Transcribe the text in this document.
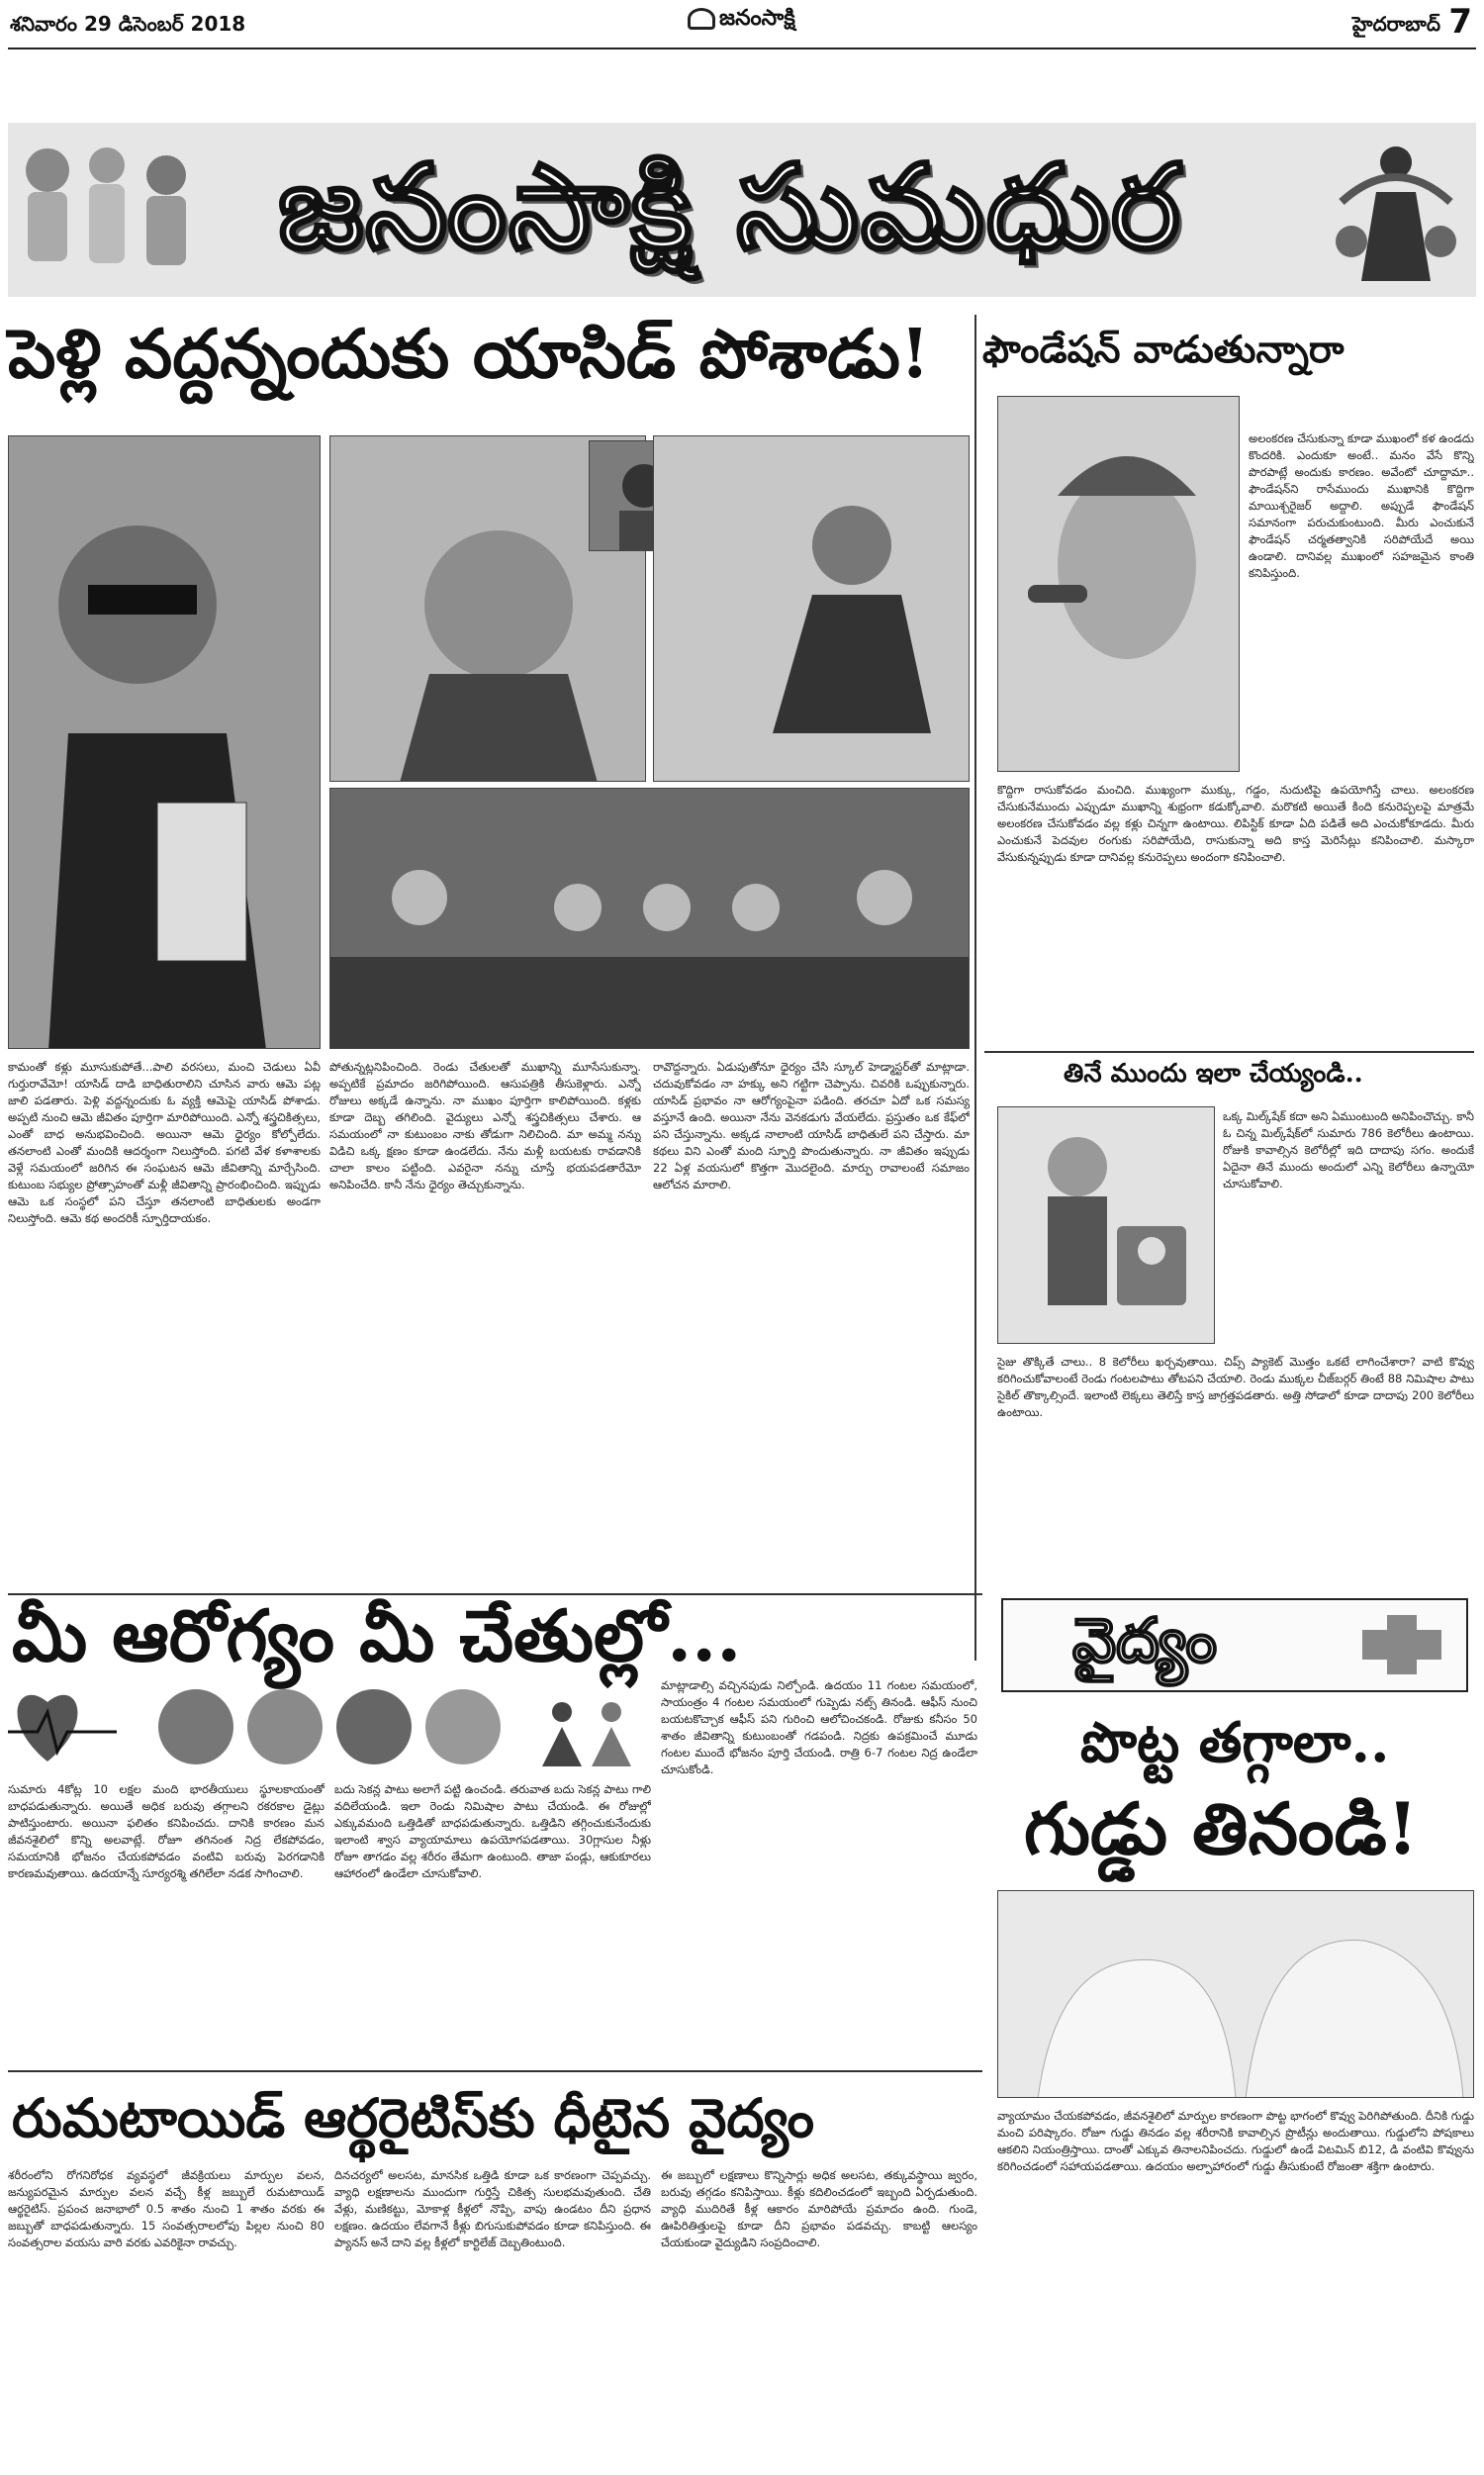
శనివారం 29 డిసెంబర్ 2018	జనంసాక్షి	హైదరాబాద్ 7
జనంసాక్షి సుమధుర
పెళ్లి వద్దన్నందుకు యాసిడ్ పోశాడు!
కామంతో కళ్లు మూసుకుపోతే...పాలి వరసలు, మంచి చెడులు ఏవీ గుర్తురావేమో! యాసిడ్ దాడి బాధితురాలిని చూసిన వారు ఆమె పట్ల జాలి పడతారు. పెళ్లి వద్దన్నందుకు ఓ వ్యక్తి ఆమెపై యాసిడ్ పోశాడు. అప్పటి నుంచి ఆమె జీవితం పూర్తిగా మారిపోయింది. ఎన్నో శస్త్రచికిత్సలు, ఎంతో బాధ అనుభవించింది. అయినా ఆమె ధైర్యం కోల్పోలేదు. తనలాంటి ఎంతో మందికి ఆదర్శంగా నిలుస్తోంది. పగటి వేళ కళాశాలకు వెళ్లే సమయంలో జరిగిన ఈ సంఘటన ఆమె జీవితాన్ని మార్చేసింది. కుటుంబ సభ్యుల ప్రోత్సాహంతో మళ్లీ జీవితాన్ని ప్రారంభించింది. ఇప్పుడు ఆమె ఒక సంస్థలో పని చేస్తూ తనలాంటి బాధితులకు అండగా నిలుస్తోంది. ఆమె కథ అందరికీ స్ఫూర్తిదాయకం.
పోతున్నట్లనిపించింది. రెండు చేతులతో ముఖాన్ని మూసేసుకున్నా. అప్పటికే ప్రమాదం జరిగిపోయింది. ఆసుపత్రికి తీసుకెళ్లారు. ఎన్నో రోజులు అక్కడే ఉన్నాను. నా ముఖం పూర్తిగా కాలిపోయింది. కళ్లకు కూడా దెబ్బ తగిలింది. వైద్యులు ఎన్నో శస్త్రచికిత్సలు చేశారు. ఆ సమయంలో నా కుటుంబం నాకు తోడుగా నిలిచింది. మా అమ్మ నన్ను విడిచి ఒక్క క్షణం కూడా ఉండలేదు. నేను మళ్లీ బయటకు రావడానికి చాలా కాలం పట్టింది. ఎవరైనా నన్ను చూస్తే భయపడతారేమో అనిపించేది. కానీ నేను ధైర్యం తెచ్చుకున్నాను.
రావొద్దన్నారు. ఏడుపుతోనూ ధైర్యం చేసి స్కూల్ హెడ్మాస్టర్‌తో మాట్లాడా. చదువుకోవడం నా హక్కు అని గట్టిగా చెప్పాను. చివరికి ఒప్పుకున్నారు. యాసిడ్ ప్రభావం నా ఆరోగ్యంపైనా పడింది. తరచూ ఏదో ఒక సమస్య వస్తూనే ఉంది. అయినా నేను వెనకడుగు వేయలేదు. ప్రస్తుతం ఒక కేఫ్‌లో పని చేస్తున్నాను. అక్కడ నాలాంటి యాసిడ్ బాధితులే పని చేస్తారు. మా కథలు విని ఎంతో మంది స్ఫూర్తి పొందుతున్నారు. నా జీవితం ఇప్పుడు 22 ఏళ్ల వయసులో కొత్తగా మొదలైంది. మార్పు రావాలంటే సమాజం ఆలోచన మారాలి.
ఫౌండేషన్ వాడుతున్నారా
అలంకరణ చేసుకున్నా కూడా ముఖంలో కళ ఉండదు కొందరికి. ఎందుకూ అంటే.. మనం వేసే కొన్ని పొరపాట్లే అందుకు కారణం. అవేంటో చూద్దామా.. ఫౌండేషన్‌ని రాసేముందు ముఖానికి కొద్దిగా మాయిశ్చరైజర్ అద్దాలి. అప్పుడే ఫౌండేషన్ సమానంగా పరుచుకుంటుంది. మీరు ఎంచుకునే ఫౌండేషన్ చర్మతత్వానికి సరిపోయేదే అయి ఉండాలి. దానివల్ల ముఖంలో సహజమైన కాంతి కనిపిస్తుంది.
కొద్దిగా రాసుకోవడం మంచిది. ముఖ్యంగా ముక్కు, గడ్డం, నుదుటిపై ఉపయోగిస్తే చాలు. అలంకరణ చేసుకునేముందు ఎప్పుడూ ముఖాన్ని శుభ్రంగా కడుక్కోవాలి. మరొకటి అయితే కింది కనురెప్పలపై మాత్రమే అలంకరణ చేసుకోవడం వల్ల కళ్లు చిన్నగా ఉంటాయి. లిపిస్టిక్ కూడా ఏది పడితే అది ఎంచుకోకూడదు. మీరు ఎంచుకునే పెదవుల రంగుకు సరిపోయేది, రాసుకున్నా అది కాస్త మెరిసేట్లు కనిపించాలి. మస్కారా వేసుకున్నప్పుడు కూడా దానివల్ల కనురెప్పలు అందంగా కనిపించాలి.
తినే ముందు ఇలా చేయ్యండి..
ఒక్క మిల్క్‌షేక్ కదా అని ఏముంటుంది అనిపించొచ్చు. కానీ ఓ చిన్న మిల్క్‌షేక్‌లో సుమారు 786 కెలోరీలు ఉంటాయి. రోజుకి కావాల్సిన కెలోరీల్లో ఇది దాదాపు సగం. అందుకే ఏదైనా తినే ముందు అందులో ఎన్ని కెలోరీలు ఉన్నాయో చూసుకోవాలి.
సైజు తొక్కితే చాలు.. 8 కెలోరీలు ఖర్చవుతాయి. చిప్స్ ప్యాకెట్ మొత్తం ఒకటే లాగించేశారా? వాటి కొవ్వు కరిగించుకోవాలంటే రెండు గంటలపాటు తోటపని చేయాలి. రెండు ముక్కల చీజ్‌బర్గర్ తింటే 88 నిమిషాల పాటు సైకిల్ తొక్కాల్సిందే. ఇలాంటి లెక్కలు తెలిస్తే కాస్త జాగ్రత్తపడతారు. అత్తి సోడాలో కూడా దాదాపు 200 కెలోరీలు ఉంటాయి.
మీ ఆరోగ్యం మీ చేతుల్లో...
సుమారు 4కోట్ల 10 లక్షల మంది భారతీయులు స్థూలకాయంతో బాధపడుతున్నారు. అయితే అధిక బరువు తగ్గాలని రకరకాల డైట్లు పాటిస్తుంటారు. అయినా ఫలితం కనిపించదు. దానికి కారణం మన జీవనశైలిలో కొన్ని అలవాట్లే. రోజూ తగినంత నిద్ర లేకపోవడం, సమయానికి భోజనం చేయకపోవడం వంటివి బరువు పెరగడానికి కారణమవుతాయి. ఉదయాన్నే సూర్యరశ్మి తగిలేలా నడక సాగించాలి.
బదు సెకన్ల పాటు అలాగే పట్టి ఉంచండి. తరువాత బదు సెకన్ల పాటు గాలి వదిలేయండి. ఇలా రెండు నిమిషాల పాటు చేయండి. ఈ రోజుల్లో ఎక్కువమంది ఒత్తిడితో బాధపడుతున్నారు. ఒత్తిడిని తగ్గించుకునేందుకు ఇలాంటి శ్వాస వ్యాయామాలు ఉపయోగపడతాయి. 30గ్లాసుల నీళ్లు రోజూ తాగడం వల్ల శరీరం తేమగా ఉంటుంది. తాజా పండ్లు, ఆకుకూరలు ఆహారంలో ఉండేలా చూసుకోవాలి.
మాట్లాడాల్సి వచ్చినపుడు నిల్చోండి. ఉదయం 11 గంటల సమయంలో, సాయంత్రం 4 గంటల సమయంలో గుప్పెడు నట్స్ తినండి. ఆఫీస్ నుంచి బయటకొచ్చాక ఆఫీస్ పని గురించి ఆలోచించకండి. రోజుకు కనీసం 50 శాతం జీవితాన్ని కుటుంబంతో గడపండి. నిద్రకు ఉపక్రమించే మూడు గంటల ముందే భోజనం పూర్తి చేయండి. రాత్రి 6-7 గంటల నిద్ర ఉండేలా చూసుకోండి.
రుమటాయిడ్ ఆర్థరైటిస్‌కు ధీటైన వైద్యం
శరీరంలోని రోగనిరోధక వ్యవస్థలో జీవక్రియలు మార్పుల వలన, జన్యుపరమైన మార్పుల వలన వచ్చే కీళ్ల జబ్బులే రుమటాయిడ్ ఆర్థరైటిస్. ప్రపంచ జనాభాలో 0.5 శాతం నుంచి 1 శాతం వరకు ఈ జబ్బుతో బాధపడుతున్నారు. 15 సంవత్సరాలలోపు పిల్లల నుంచి 80 సంవత్సరాల వయసు వారి వరకు ఎవరికైనా రావచ్చు.
దినచర్యలో అలసట, మానసిక ఒత్తిడి కూడా ఒక కారణంగా చెప్పవచ్చు. వ్యాధి లక్షణాలను ముందుగా గుర్తిస్తే చికిత్స సులభమవుతుంది. చేతి వేళ్లు, మణికట్టు, మోకాళ్ల కీళ్లలో నొప్పి, వాపు ఉండటం దీని ప్రధాన లక్షణం. ఉదయం లేవగానే కీళ్లు బిగుసుకుపోవడం కూడా కనిపిస్తుంది. ఈ ప్యానస్ అనే దాని వల్ల కీళ్లలో కార్టిలేజ్ దెబ్బతింటుంది.
ఈ జబ్బులో లక్షణాలు కొన్నిసార్లు అధిక అలసట, తక్కువస్థాయి జ్వరం, బరువు తగ్గడం కనిపిస్తాయి. కీళ్లు కదిలించడంలో ఇబ్బంది ఏర్పడుతుంది. వ్యాధి ముదిరితే కీళ్ల ఆకారం మారిపోయే ప్రమాదం ఉంది. గుండె, ఊపిరితిత్తులపై కూడా దీని ప్రభావం పడవచ్చు. కాబట్టి ఆలస్యం చేయకుండా వైద్యుడిని సంప్రదించాలి.
వైద్యం
పొట్ట తగ్గాలా..
గుడ్డు తినండి!
వ్యాయామం చేయకపోవడం, జీవనశైలిలో మార్పుల కారణంగా పొట్ట భాగంలో కొవ్వు పెరిగిపోతుంది. దీనికి గుడ్డు మంచి పరిష్కారం. రోజూ గుడ్డు తినడం వల్ల శరీరానికి కావాల్సిన ప్రొటీన్లు అందుతాయి. గుడ్డులోని పోషకాలు ఆకలిని నియంత్రిస్తాయి. దాంతో ఎక్కువ తినాలనిపించదు. గుడ్డులో ఉండే విటమిన్ బి12, డి వంటివి కొవ్వును కరిగించడంలో సహాయపడతాయి. ఉదయం అల్పాహారంలో గుడ్డు తీసుకుంటే రోజంతా శక్తిగా ఉంటారు.
